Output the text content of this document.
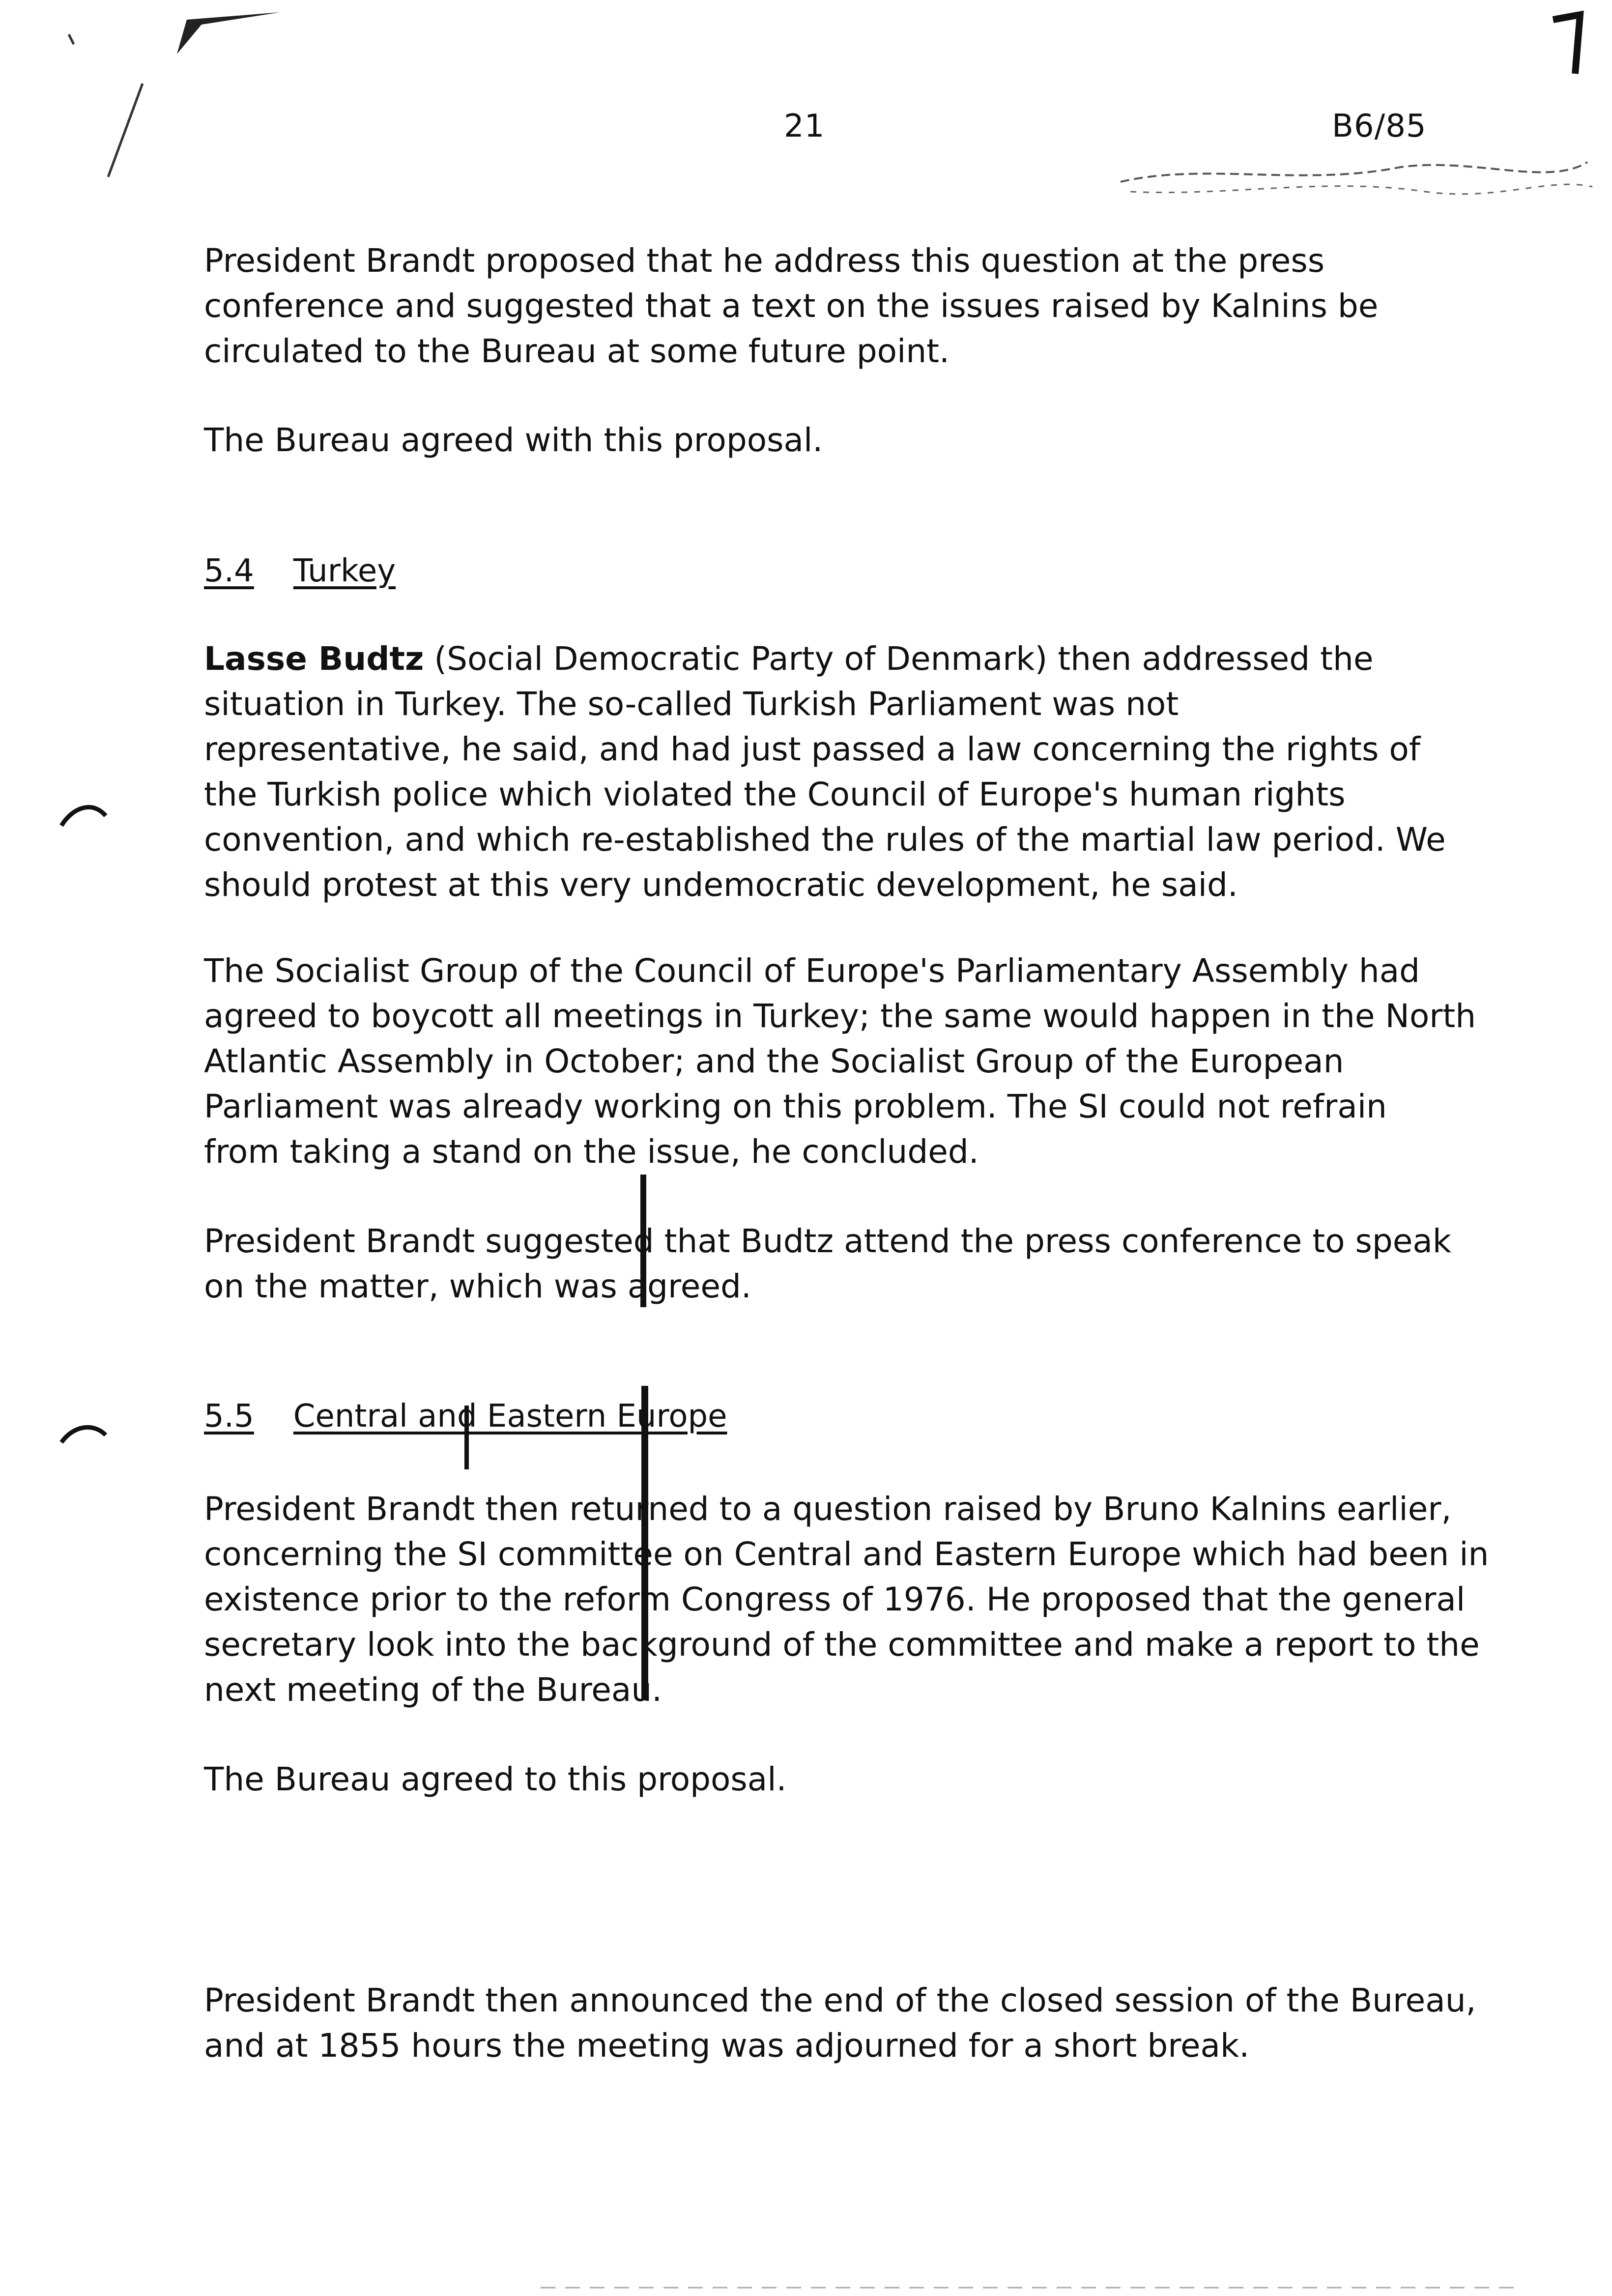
21	B6/85

President Brandt proposed that he address this question at the press
conference and suggested that a text on the issues raised by Kalnins be
circulated to the Bureau at some future point.

The Bureau agreed with this proposal.

5.4 Turkey

Lasse Budtz (Social Democratic Party of Denmark) then addressed the
situation in Turkey. The so-called Turkish Parliament was not
representative, he said, and had just passed a law concerning the rights of
the Turkish police which violated the Council of Europe's human rights
convention, and which re-established the rules of the martial law period. We
should protest at this very undemocratic development, he said.

The Socialist Group of the Council of Europe's Parliamentary Assembly had
agreed to boycott all meetings in Turkey; the same would happen in the North
Atlantic Assembly in October; and the Socialist Group of the European
Parliament was already working on this problem. The SI could not refrain
from taking a stand on the issue, he concluded.

President Brandt suggested that Budtz attend the press conference to speak
on the matter, which was agreed.

5.5 Central and Eastern Europe

President Brandt then returned to a question raised by Bruno Kalnins earlier,
concerning the SI committee on Central and Eastern Europe which had been in
existence prior to the reform Congress of 1976. He proposed that the general
secretary look into the background of the committee and make a report to the
next meeting of the Bureau.

The Bureau agreed to this proposal.

President Brandt then announced the end of the closed session of the Bureau,
and at 1855 hours the meeting was adjourned for a short break.
